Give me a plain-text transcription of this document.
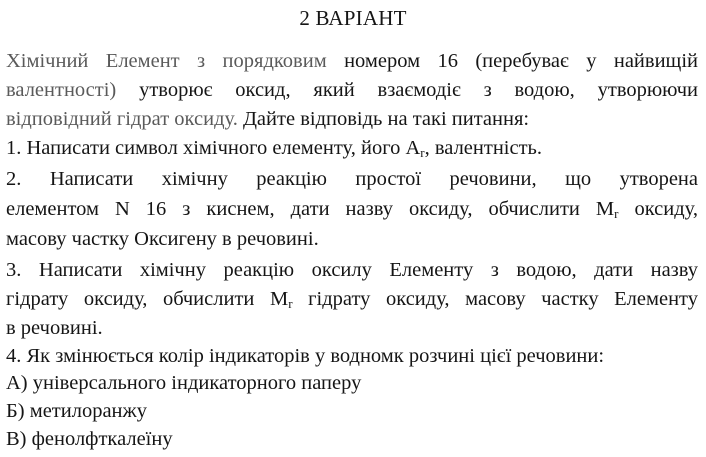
2 ВАРІАНТ
Хімічний Елемент з порядковим номером 16 (перебуває у найвищій
валентності) утворює оксид, який взаємодіє з водою, утворюючи
відповідний гідрат оксиду. Дайте відповідь на такі питання:
1. Написати символ хімічного елементу, його $A_r$, валентність.
2. Написати хімічну реакцію простої речовини, що утворена
елементом N 16 з киснем, дати назву оксиду, обчислити $M_r$ оксиду,
масову частку Оксигену в речовині.
3. Написати хімічну реакцію оксилу Елементу з водою, дати назву
гідрату оксиду, обчислити $M_r$ гідрату оксиду, масову частку Елементу
в речовині.
4. Як змінюється колір індикаторів у водномк розчині цієї речовини:
А) універсального індикаторного паперу
Б) метилоранжу
В) фенолфткалеїну
